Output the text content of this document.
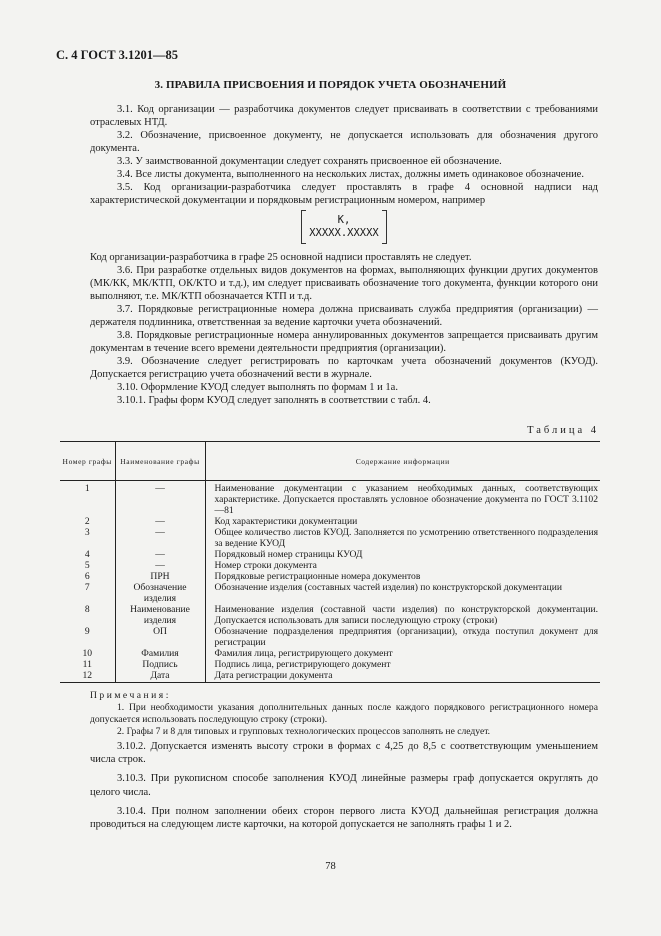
С. 4 ГОСТ 3.1201—85
3. ПРАВИЛА ПРИСВОЕНИЯ И ПОРЯДОК УЧЕТА ОБОЗНАЧЕНИЙ

3.1. Код организации — разработчика документов следует присваивать в соответствии с требованиями отраслевых НТД.

3.2. Обозначение, присвоенное документу, не допускается использовать для обозначения другого документа.

3.3. У заимствованной документации следует сохранять присвоенное ей обозначение.

3.4. Все листы документа, выполненного на нескольких листах, должны иметь одинаковое обозначение.

3.5. Код организации-разработчика следует проставлять в графе 4 основной надписи над характеристической документации и порядковым регистрационным номером, например

K,
XXXXX.XXXXX

Код организации-разработчика в графе 25 основной надписи проставлять не следует.

3.6. При разработке отдельных видов документов на формах, выполняющих функции других документов (МК/КК, МК/КТП, ОК/КТО и т.д.), им следует присваивать обозначение того документа, функции которого они выполняют, т.е. МК/КТП обозначается КТП и т.д.

3.7. Порядковые регистрационные номера должна присваивать служба предприятия (организации) — держателя подлинника, ответственная за ведение карточки учета обозначений.

3.8. Порядковые регистрационные номера аннулированных документов запрещается присваивать другим документам в течение всего времени деятельности предприятия (организации).

3.9. Обозначение следует регистрировать по карточкам учета обозначений документов (КУОД). Допускается регистрацию учета обозначений вести в журнале.

3.10. Оформление КУОД следует выполнять по формам 1 и 1а.

3.10.1. Графы форм КУОД следует заполнять в соответствии с табл. 4.

Таблица 4
Номер графы	Наименование графы	Содержание информации
1	—	Наименование документации с указанием необходимых данных, соответствующих характеристике. Допускается проставлять условное обозначение документа по ГОСТ 3.1102—81
2	—	Код характеристики документации
3	—	Общее количество листов КУОД. Заполняется по усмотрению ответственного подразделения за ведение КУОД
4	—	Порядковый номер страницы КУОД
5	—	Номер строки документа
6	ПРН	Порядковые регистрационные номера документов
7	Обозначение изделия	Обозначение изделия (составных частей изделия) по конструкторской документации
8	Наименование изделия	Наименование изделия (составной части изделия) по конструкторской документации. Допускается использовать для записи последующую строку (строки)
9	ОП	Обозначение подразделения предприятия (организации), откуда поступил документ для регистрации
10	Фамилия	Фамилия лица, регистрирующего документ
11	Подпись	Подпись лица, регистрирующего документ
12	Дата	Дата регистрации документа

Примечания:

1. При необходимости указания дополнительных данных после каждого порядкового регистрационного номера допускается использовать последующую строку (строки).

2. Графы 7 и 8 для типовых и групповых технологических процессов заполнять не следует.

3.10.2. Допускается изменять высоту строки в формах с 4,25 до 8,5 с соответствующим уменьшением числа строк.

3.10.3. При рукописном способе заполнения КУОД линейные размеры граф допускается округлять до целого числа.

3.10.4. При полном заполнении обеих сторон первого листа КУОД дальнейшая регистрация должна проводиться на следующем листе карточки, на которой допускается не заполнять графы 1 и 2.

78
